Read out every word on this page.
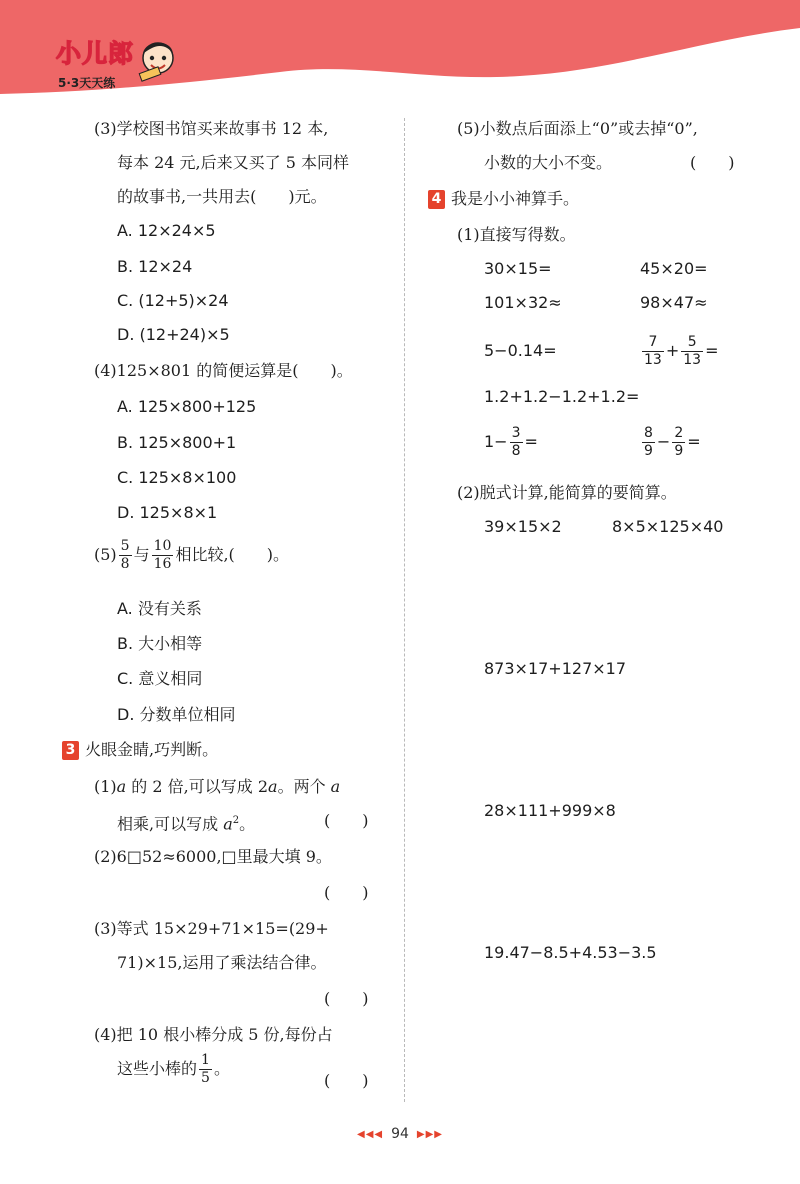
小儿郎
5·3天天练
(3)学校图书馆买来故事书 12 本,
每本 24 元,后来又买了 5 本同样
的故事书,一共用去(　　)元。
A. 12×24×5
B. 12×24
C. (12+5)×24
D. (12+24)×5
(4)125×801 的简便运算是(　　)。
A. 125×800+125
B. 125×800+1
C. 125×8×100
D. 125×8×1
$(5) \frac{5}{8}$ 与 $\frac{10}{16}$ 相比较,(　　)。
A. 没有关系
B. 大小相等
C. 意义相同
D. 分数单位相同
3 火眼金睛,巧判断。
(1)a 的 2 倍,可以写成 2a。两个 a
相乘,可以写成 $a^2$。	(　　)
(2)6□52≈6000,□里最大填 9。
(　　)
(3)等式 15×29+71×15=(29+
71)×15,运用了乘法结合律。
(　　)
(4)把 10 根小棒分成 5 份,每份占
这些小棒的 $\frac{1}{5}$ 。
(　　)
(5)小数点后面添上“0”或去掉“0”,
小数的大小不变。	(　　)
4 我是小小神算手。
(1)直接写得数。
30×15=	45×20=
101×32≈	98×47≈
5−0.14=	$\frac{7}{13} + \frac{5}{13}$ =
1.2+1.2−1.2+1.2=
$1- \frac{3}{8}$ =	$\frac{8}{9} - \frac{2}{9}$ =
(2)脱式计算,能简算的要简算。
39×15×2	8×5×125×40
873×17+127×17
28×111+999×8
19.47−8.5+4.53−3.5
◀◀◀ 94 ▶▶▶
